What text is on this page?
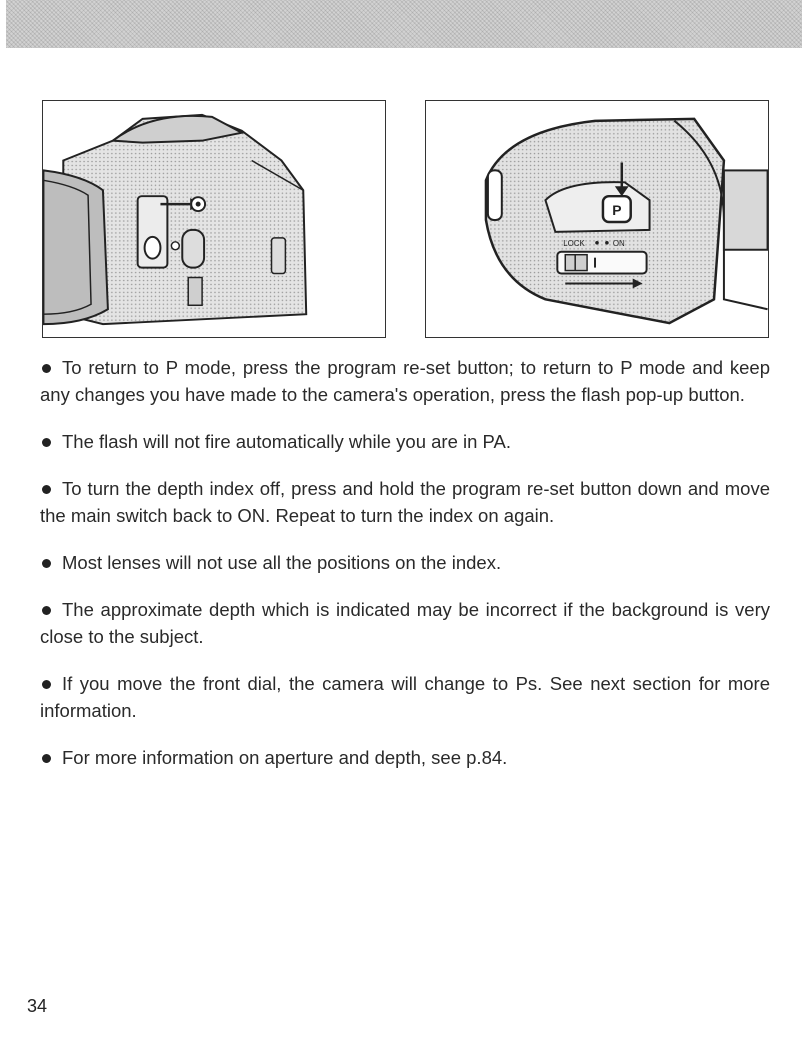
P
LOCK	ON
To return to P mode, press the program re-set button; to return to P mode and keep any changes you have made to the camera's operation, press the flash pop-up button.
The flash will not fire automatically while you are in PA.
To turn the depth index off, press and hold the program re-set button down and move the main switch back to ON. Repeat to turn the index on again.
Most lenses will not use all the positions on the index.
The approximate depth which is indicated may be incorrect if the background is very close to the subject.
If you move the front dial, the camera will change to Ps. See next section for more information.
For more information on aperture and depth, see p.84.
34
